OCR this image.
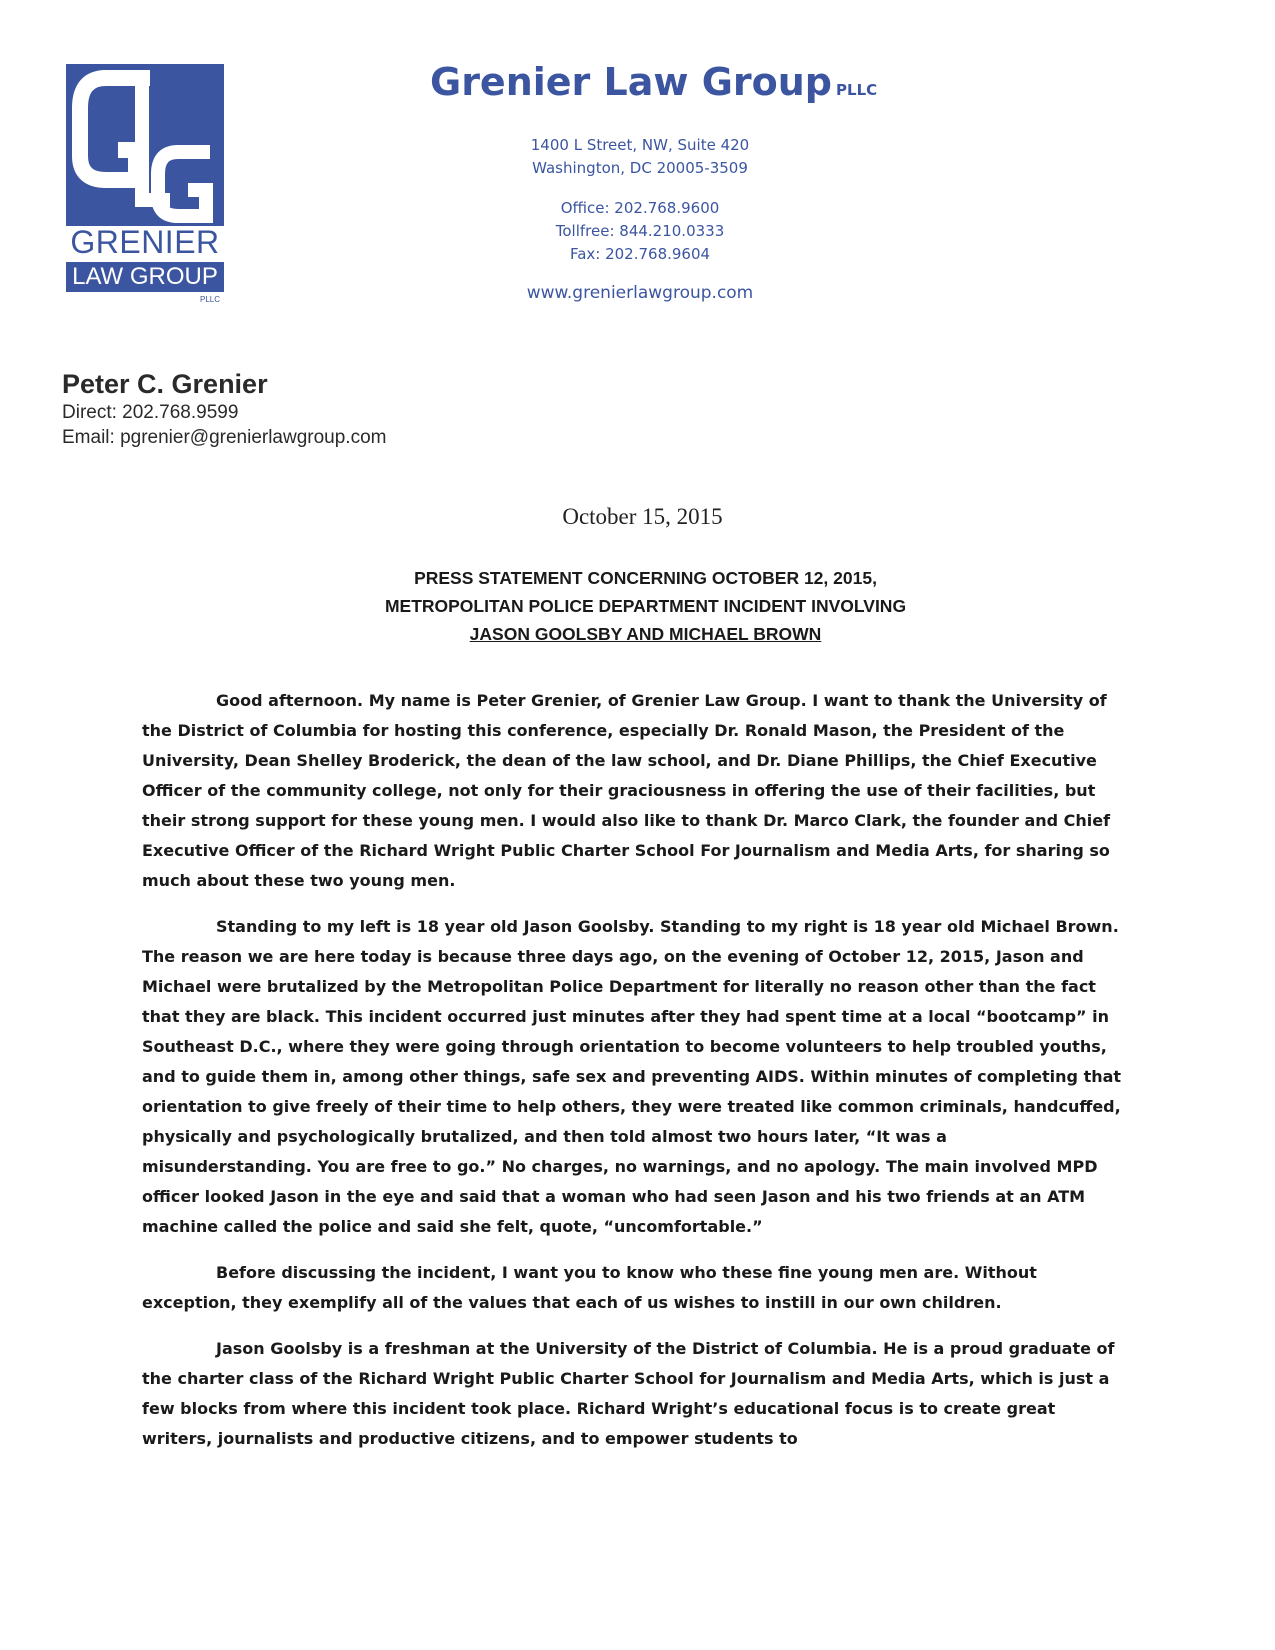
GRENIER
LAW GROUP
PLLC
Grenier Law Group PLLC
1400 L Street, NW, Suite 420
Washington, DC 20005-3509
Office: 202.768.9600
Tollfree: 844.210.0333
Fax: 202.768.9604
www.grenierlawgroup.com
Peter C. Grenier
Direct: 202.768.9599
Email: pgrenier@grenierlawgroup.com
October 15, 2015
PRESS STATEMENT CONCERNING OCTOBER 12, 2015,
METROPOLITAN POLICE DEPARTMENT INCIDENT INVOLVING
JASON GOOLSBY AND MICHAEL BROWN

Good afternoon. My name is Peter Grenier, of Grenier Law Group. I want to thank the University of the District of Columbia for hosting this conference, especially Dr. Ronald Mason, the President of the University, Dean Shelley Broderick, the dean of the law school, and Dr. Diane Phillips, the Chief Executive Officer of the community college, not only for their graciousness in offering the use of their facilities, but their strong support for these young men. I would also like to thank Dr. Marco Clark, the founder and Chief Executive Officer of the Richard Wright Public Charter School For Journalism and Media Arts, for sharing so much about these two young men.

Standing to my left is 18 year old Jason Goolsby. Standing to my right is 18 year old Michael Brown. The reason we are here today is because three days ago, on the evening of October 12, 2015, Jason and Michael were brutalized by the Metropolitan Police Department for literally no reason other than the fact that they are black. This incident occurred just minutes after they had spent time at a local “bootcamp” in Southeast D.C., where they were going through orientation to become volunteers to help troubled youths, and to guide them in, among other things, safe sex and preventing AIDS. Within minutes of completing that orientation to give freely of their time to help others, they were treated like common criminals, handcuffed, physically and psychologically brutalized, and then told almost two hours later, “It was a misunderstanding. You are free to go.” No charges, no warnings, and no apology. The main involved MPD officer looked Jason in the eye and said that a woman who had seen Jason and his two friends at an ATM machine called the police and said she felt, quote, “uncomfortable.”

Before discussing the incident, I want you to know who these fine young men are. Without exception, they exemplify all of the values that each of us wishes to instill in our own children.

Jason Goolsby is a freshman at the University of the District of Columbia. He is a proud graduate of the charter class of the Richard Wright Public Charter School for Journalism and Media Arts, which is just a few blocks from where this incident took place. Richard Wright’s educational focus is to create great writers, journalists and productive citizens, and to empower students to
